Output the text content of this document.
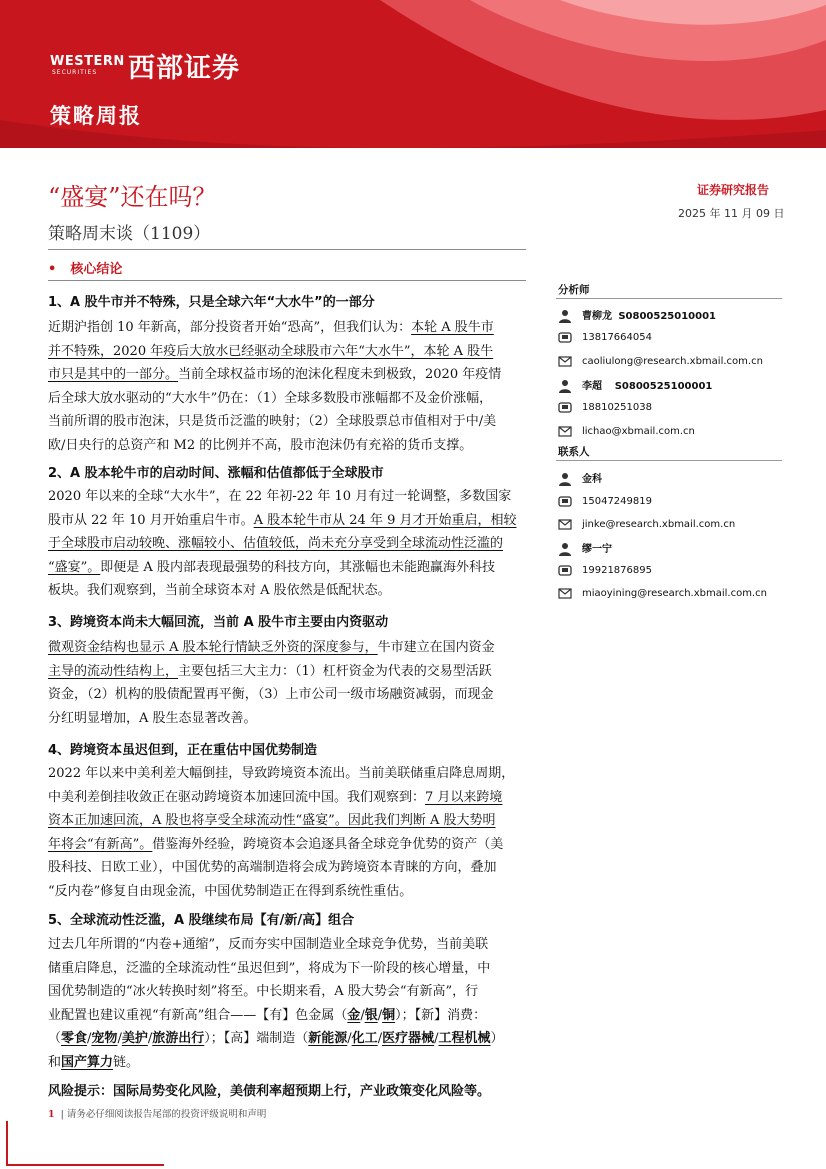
WESTERN
SECURITIES 西部证券
策略周报
“盛宴”还在吗？
策略周末谈（1109）
• 核心结论
1、A 股牛市并不特殊，只是全球六年“大水牛”的一部分
近期沪指创 10 年新高，部分投资者开始“恐高”，但我们认为：本轮 A 股牛市
并不特殊，2020 年疫后大放水已经驱动全球股市六年“大水牛”，本轮 A 股牛
市只是其中的一部分。当前全球权益市场的泡沫化程度未到极致，2020 年疫情
后全球大放水驱动的“大水牛”仍在：（1）全球多数股市涨幅都不及金价涨幅，
当前所谓的股市泡沫，只是货币泛滥的映射；（2）全球股票总市值相对于中/美
欧/日央行的总资产和 M2 的比例并不高，股市泡沫仍有充裕的货币支撑。
2、A 股本轮牛市的启动时间、涨幅和估值都低于全球股市
2020 年以来的全球“大水牛”，在 22 年初-22 年 10 月有过一轮调整，多数国家
股市从 22 年 10 月开始重启牛市。A 股本轮牛市从 24 年 9 月才开始重启，相较
于全球股市启动较晚、涨幅较小、估值较低，尚未充分享受到全球流动性泛滥的
“盛宴”。即便是 A 股内部表现最强势的科技方向，其涨幅也未能跑赢海外科技
板块。我们观察到，当前全球资本对 A 股依然是低配状态。
3、跨境资本尚未大幅回流，当前 A 股牛市主要由内资驱动
微观资金结构也显示 A 股本轮行情缺乏外资的深度参与，牛市建立在国内资金
主导的流动性结构上，主要包括三大主力：（1）杠杆资金为代表的交易型活跃
资金，（2）机构的股债配置再平衡，（3）上市公司一级市场融资减弱，而现金
分红明显增加，A 股生态显著改善。
4、跨境资本虽迟但到，正在重估中国优势制造
2022 年以来中美利差大幅倒挂，导致跨境资本流出。当前美联储重启降息周期，
中美利差倒挂收敛正在驱动跨境资本加速回流中国。我们观察到：7 月以来跨境
资本正加速回流，A 股也将享受全球流动性“盛宴”。因此我们判断 A 股大势明
年将会“有新高”。借鉴海外经验，跨境资本会追逐具备全球竞争优势的资产（美
股科技、日欧工业），中国优势的高端制造将会成为跨境资本青睐的方向，叠加
“反内卷”修复自由现金流，中国优势制造正在得到系统性重估。
5、全球流动性泛滥，A 股继续布局【有/新/高】组合
过去几年所谓的“内卷+通缩”，反而夯实中国制造业全球竞争优势，当前美联
储重启降息，泛滥的全球流动性“虽迟但到”，将成为下一阶段的核心增量，中
国优势制造的“冰火转换时刻”将至。中长期来看，A 股大势会“有新高”，行
业配置也建议重视“有新高”组合——【有】色金属（金/银/铜）；【新】消费：
（零食/宠物/美护/旅游出行）；【高】端制造（新能源/化工/医疗器械/工程机械）
和国产算力链。
风险提示：国际局势变化风险，美债利率超预期上行，产业政策变化风险等。
1 | 请务必仔细阅读报告尾部的投资评级说明和声明
证券研究报告
2025 年 11 月 09 日
分析师
曹柳龙 S0800525010001
13817664054
caoliulong@research.xbmail.com.cn
李超 S0800525100001
18810251038
lichao@xbmail.com.cn
联系人
金科
15047249819
jinke@research.xbmail.com.cn
缪一宁
19921876895
miaoyining@research.xbmail.com.cn
